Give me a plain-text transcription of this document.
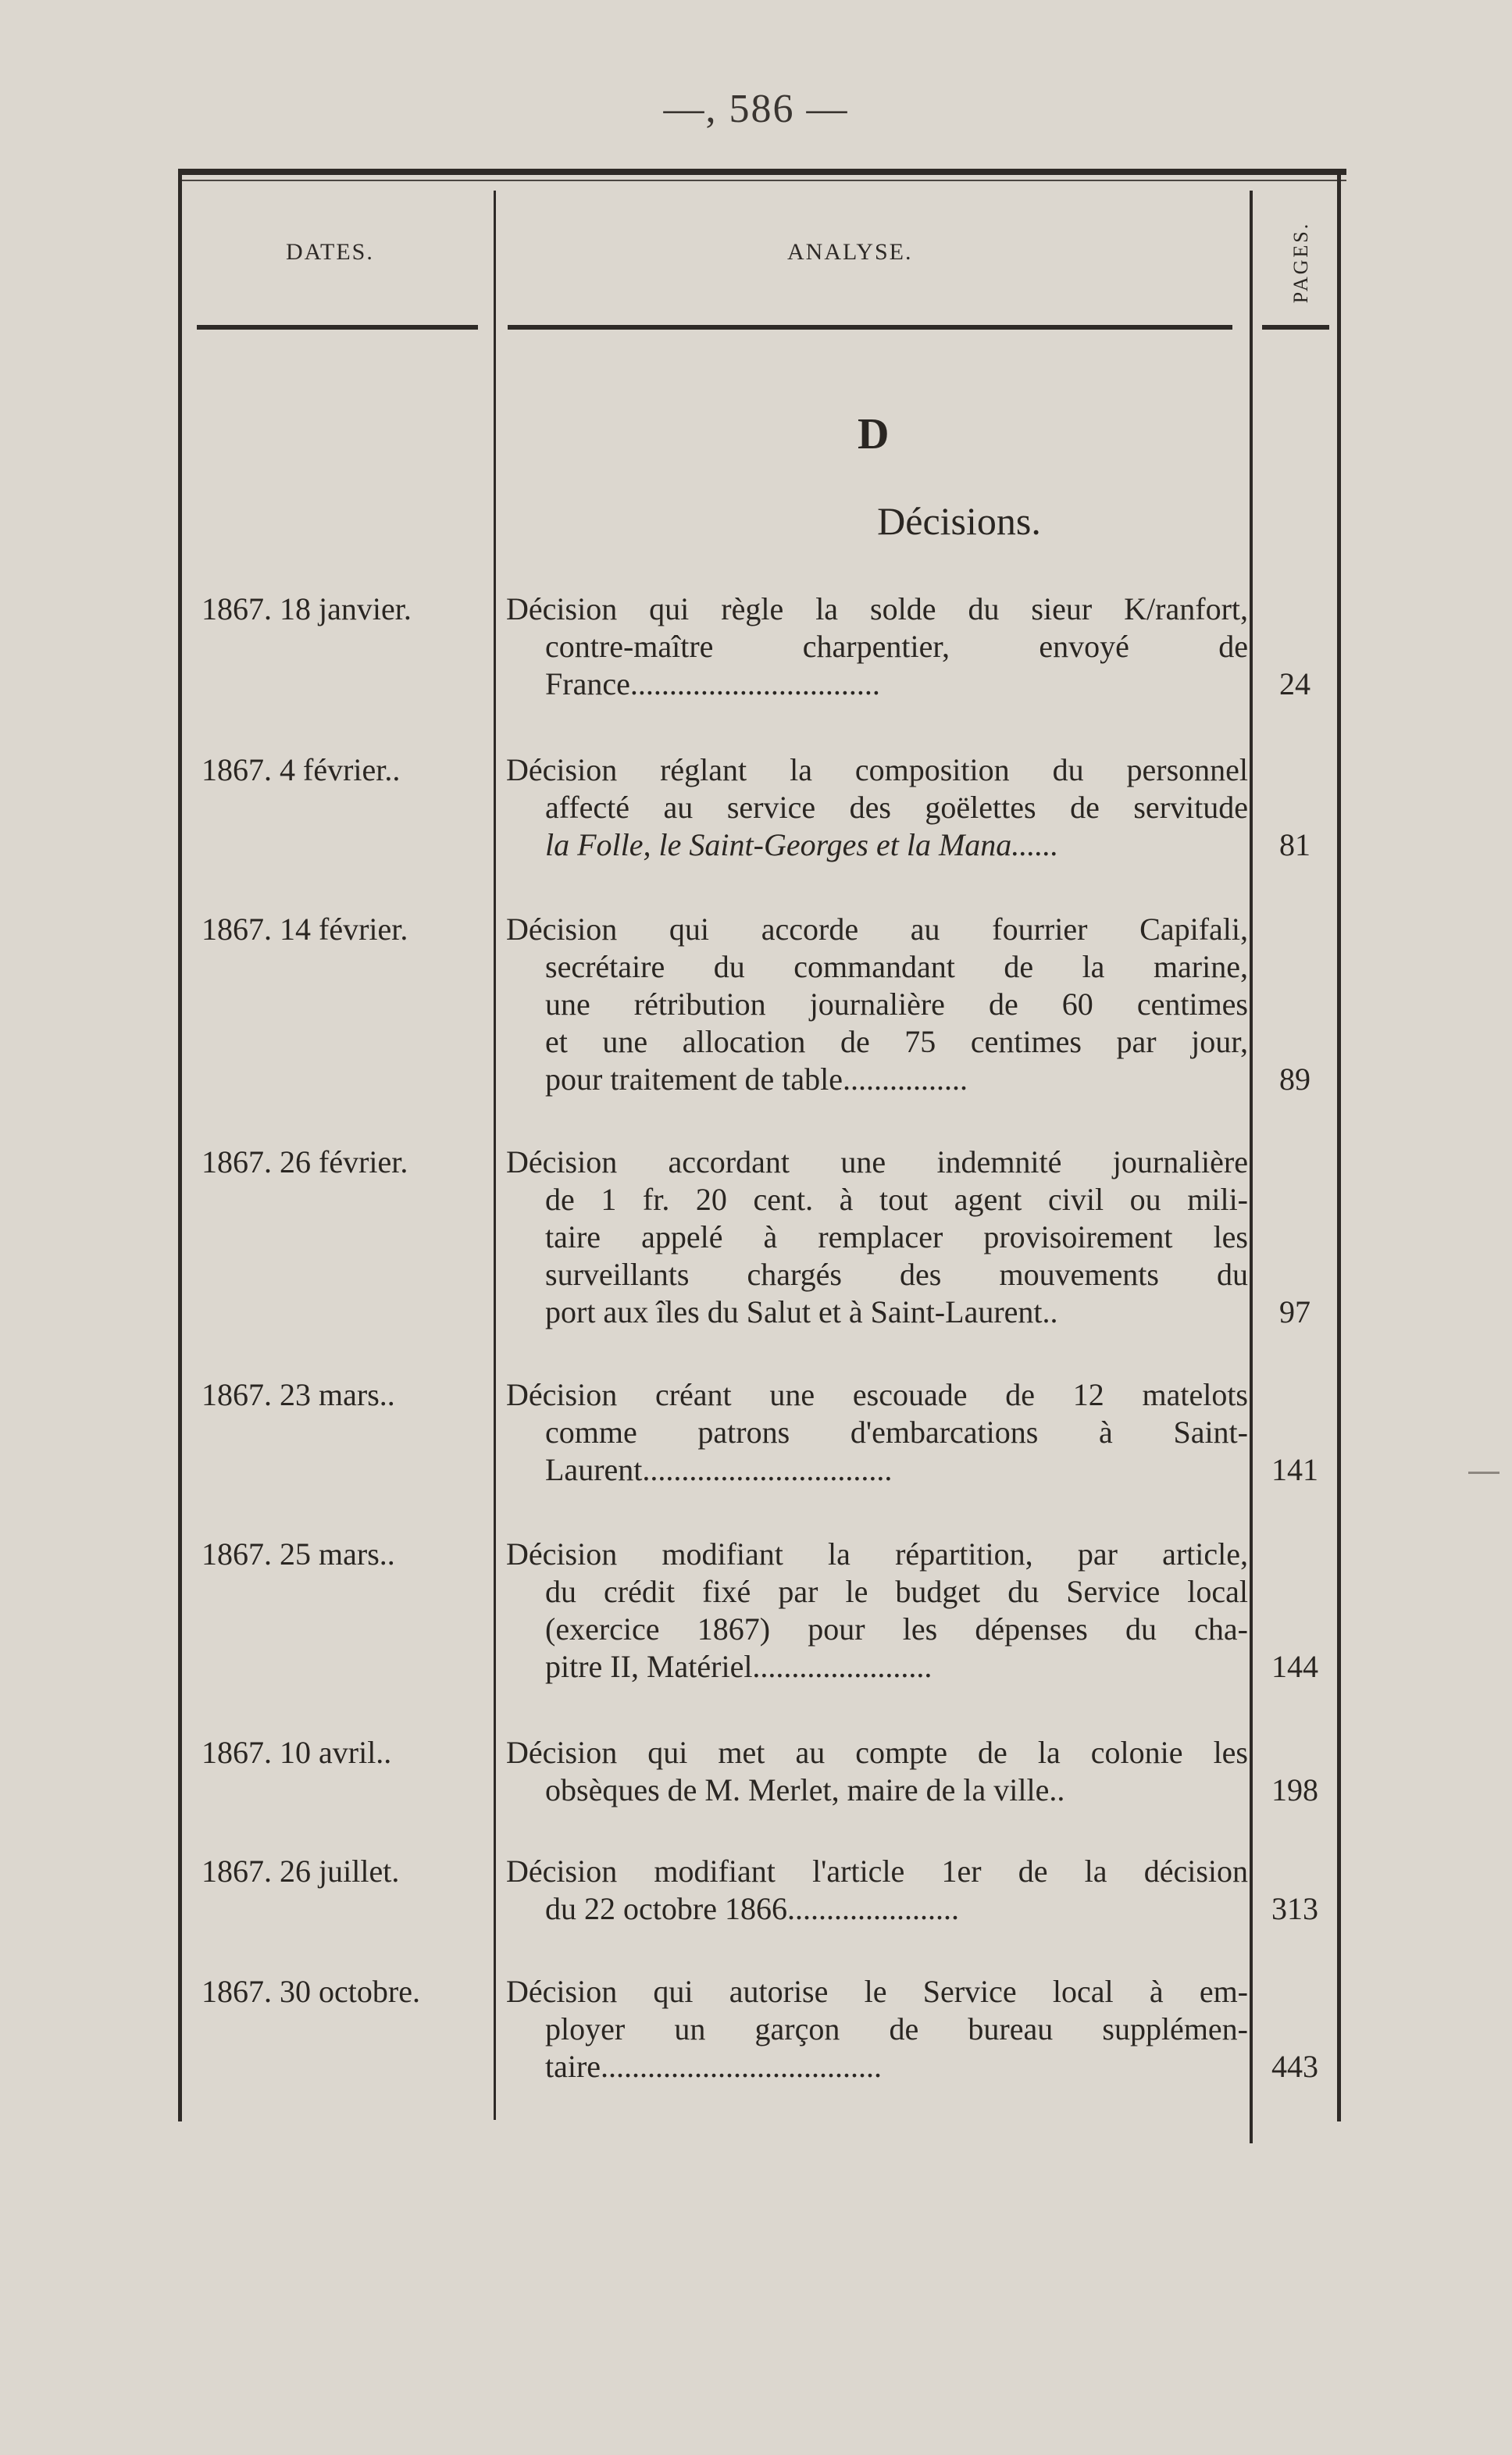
—, 586 —
DATES.	ANALYSE.	PAGES.
D
Décisions.
1867. 18 janvier.	Décision qui règle la solde du sieur K/ranfort,
contre-maître charpentier, envoyé de
France................................	24
1867. 4 février..	Décision réglant la composition du personnel
affecté au service des goëlettes de servitude
la Folle, le Saint-Georges et la Mana......	81
1867. 14 février.	Décision qui accorde au fourrier Capifali,
secrétaire du commandant de la marine,
une rétribution journalière de 60 centimes
et une allocation de 75 centimes par jour,
pour traitement de table................	89
1867. 26 février.	Décision accordant une indemnité journalière
de 1 fr. 20 cent. à tout agent civil ou mili-
taire appelé à remplacer provisoirement les
surveillants chargés des mouvements du
port aux îles du Salut et à Saint-Laurent..	97
1867. 23 mars..	Décision créant une escouade de 12 matelots
comme patrons d'embarcations à Saint-
Laurent................................	141
1867. 25 mars..	Décision modifiant la répartition, par article,
du crédit fixé par le budget du Service local
(exercice 1867) pour les dépenses du cha-
pitre II, Matériel.......................	144
1867. 10 avril..	Décision qui met au compte de la colonie les
obsèques de M. Merlet, maire de la ville..	198
1867. 26 juillet.	Décision modifiant l'article 1er de la décision
du 22 octobre 1866......................	313
1867. 30 octobre.	Décision qui autorise le Service local à em-
ployer un garçon de bureau supplémen-
taire....................................	443
